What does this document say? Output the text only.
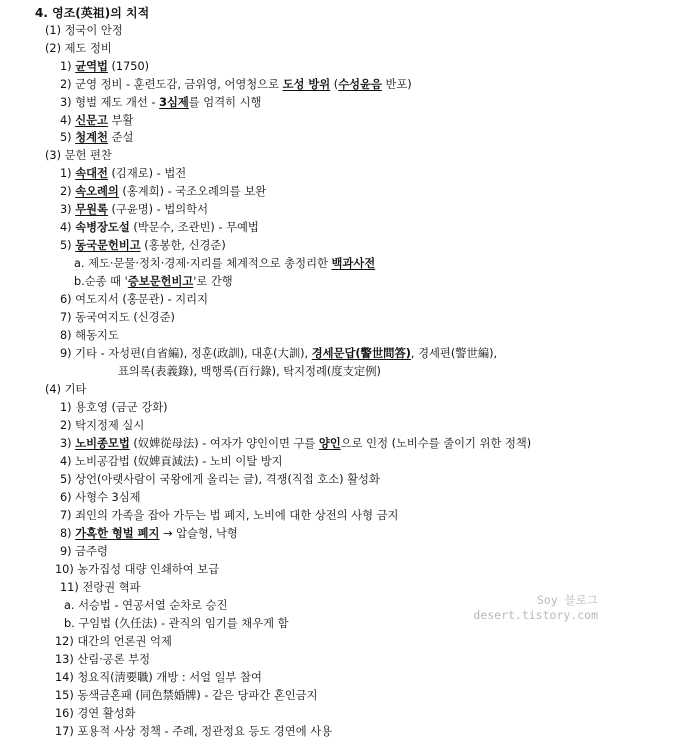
4. 영조(英祖)의 치적
(1) 정국이 안정
(2) 제도 정비
1) 균역법 (1750)
2) 군영 정비 - 훈련도감, 금위영, 어영청으로 도성 방위 (수성윤음 반포)
3) 형벌 제도 개선 - 3심제를 엄격히 시행
4) 신문고 부활
5) 청계천 준설
(3) 문헌 편찬
1) 속대전 (김재로) - 법전
2) 속오례의 (홍계희) - 국조오례의를 보완
3) 무원록 (구윤명) - 법의학서
4) 속병장도설 (박문수, 조관빈) - 무예법
5) 동국문헌비고 (홍봉한, 신경준)
a. 제도·문물·정치·경제·지리를 체계적으로 총정리한 백과사전
b.순종 때 '증보문헌비고'로 간행
6) 여도지서 (홍문관) - 지리지
7) 동국여지도 (신경준)
8) 해동지도
9) 기타 - 자성편(自省編), 정훈(政訓), 대훈(大訓), 경세문답(警世問答), 경세편(警世編),
표의록(表義錄), 백행록(百行錄), 탁지정례(度支定例)
(4) 기타
1) 용호영 (금군 강화)
2) 탁지정제 실시
3) 노비종모법 (奴婢從母法) - 여자가 양인이면 구를 양인으로 인정 (노비수를 줄이기 위한 정책)
4) 노비공감법 (奴婢貢減法) - 노비 이탈 방지
5) 상언(아랫사람이 국왕에게 올리는 글), 격쟁(직접 호소) 활성화
6) 사형수 3심제
7) 죄인의 가족을 잡아 가두는 법 폐지, 노비에 대한 상전의 사형 금지
8) 가혹한 형벌 폐지 → 압슬형, 낙형
9) 금주령
10) 농가집성 대량 인쇄하여 보급
11) 전랑권 혁파
a. 서승법 - 연공서열 순차로 승진
b. 구임법 (久任法) - 관직의 임기를 채우게 함
12) 대간의 언론권 억제
13) 산림·공론 부정
14) 청요직(淸要職) 개방 : 서얼 일부 참여
15) 동색금혼패 (同色禁婚牌) - 같은 당파간 혼인금지
16) 경연 활성화
17) 포용적 사상 정책 - 주례, 정관정요 등도 경연에 사용
Soy 블로그
desert.tistory.com
